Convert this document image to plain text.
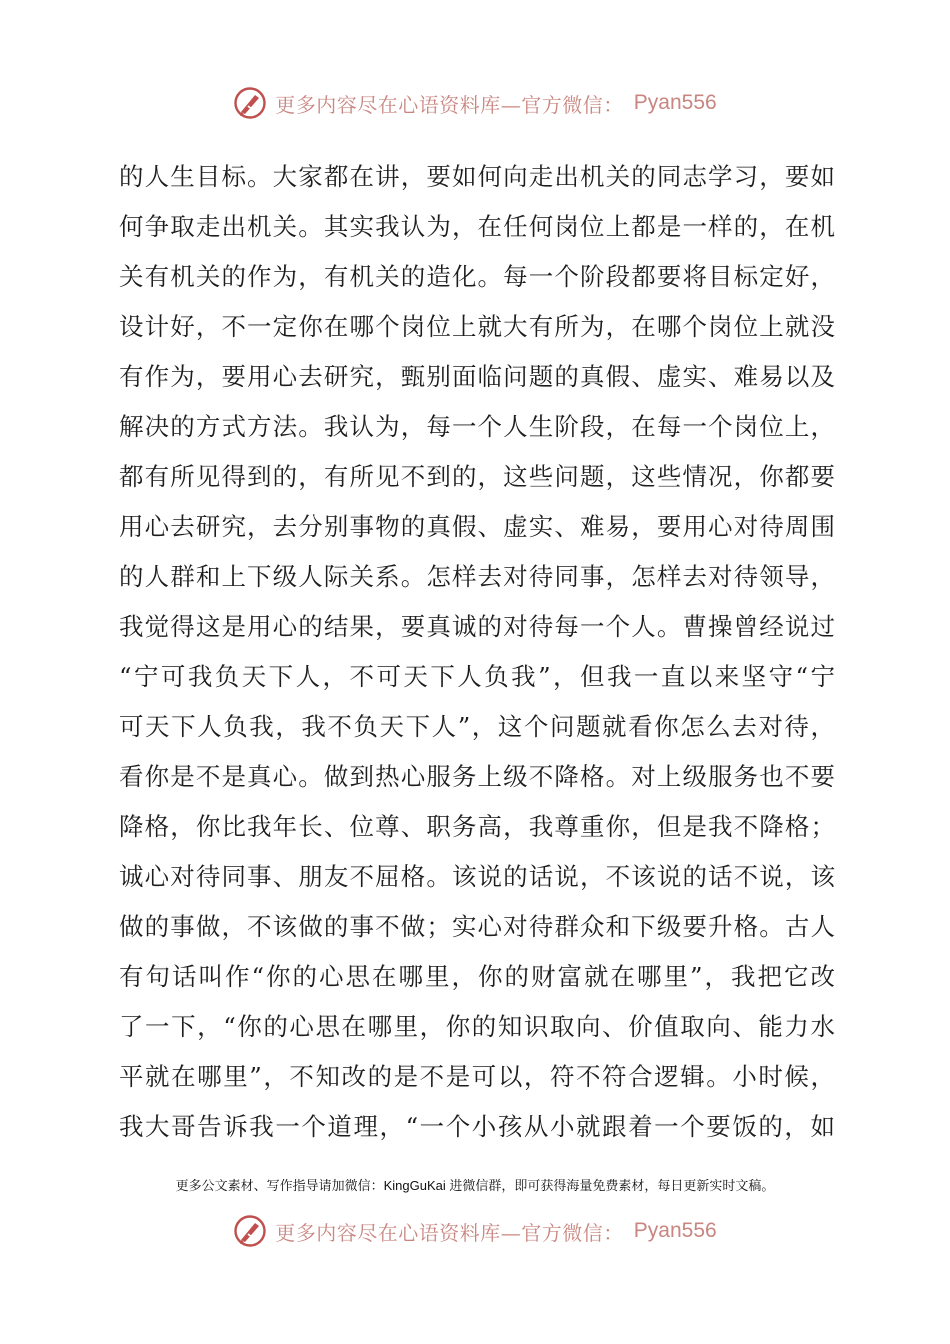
更多内容尽在心语资料库—官方微信： Pyan556
的人生目标。大家都在讲，要如何向走出机关的同志学习，要如
何争取走出机关。其实我认为，在任何岗位上都是一样的，在机
关有机关的作为，有机关的造化。每一个阶段都要将目标定好，
设计好，不一定你在哪个岗位上就大有所为，在哪个岗位上就没
有作为，要用心去研究，甄别面临问题的真假、虚实、难易以及
解决的方式方法。我认为，每一个人生阶段，在每一个岗位上，
都有所见得到的，有所见不到的，这些问题，这些情况，你都要
用心去研究，去分别事物的真假、虚实、难易，要用心对待周围
的人群和上下级人际关系。怎样去对待同事，怎样去对待领导，
我觉得这是用心的结果，要真诚的对待每一个人。曹操曾经说过
“宁可我负天下人，不可天下人负我”，但我一直以来坚守“宁
可天下人负我，我不负天下人”，这个问题就看你怎么去对待，
看你是不是真心。做到热心服务上级不降格。对上级服务也不要
降格，你比我年长、位尊、职务高，我尊重你，但是我不降格；
诚心对待同事、朋友不屈格。该说的话说，不该说的话不说，该
做的事做，不该做的事不做；实心对待群众和下级要升格。古人
有句话叫作“你的心思在哪里，你的财富就在哪里”，我把它改
了一下，“你的心思在哪里，你的知识取向、价值取向、能力水
平就在哪里”，不知改的是不是可以，符不符合逻辑。小时候，
我大哥告诉我一个道理，“一个小孩从小就跟着一个要饭的，如
更多公文素材、写作指导请加微信：KingGuKai 进微信群，即可获得海量免费素材，每日更新实时文稿。
更多内容尽在心语资料库—官方微信： Pyan556
